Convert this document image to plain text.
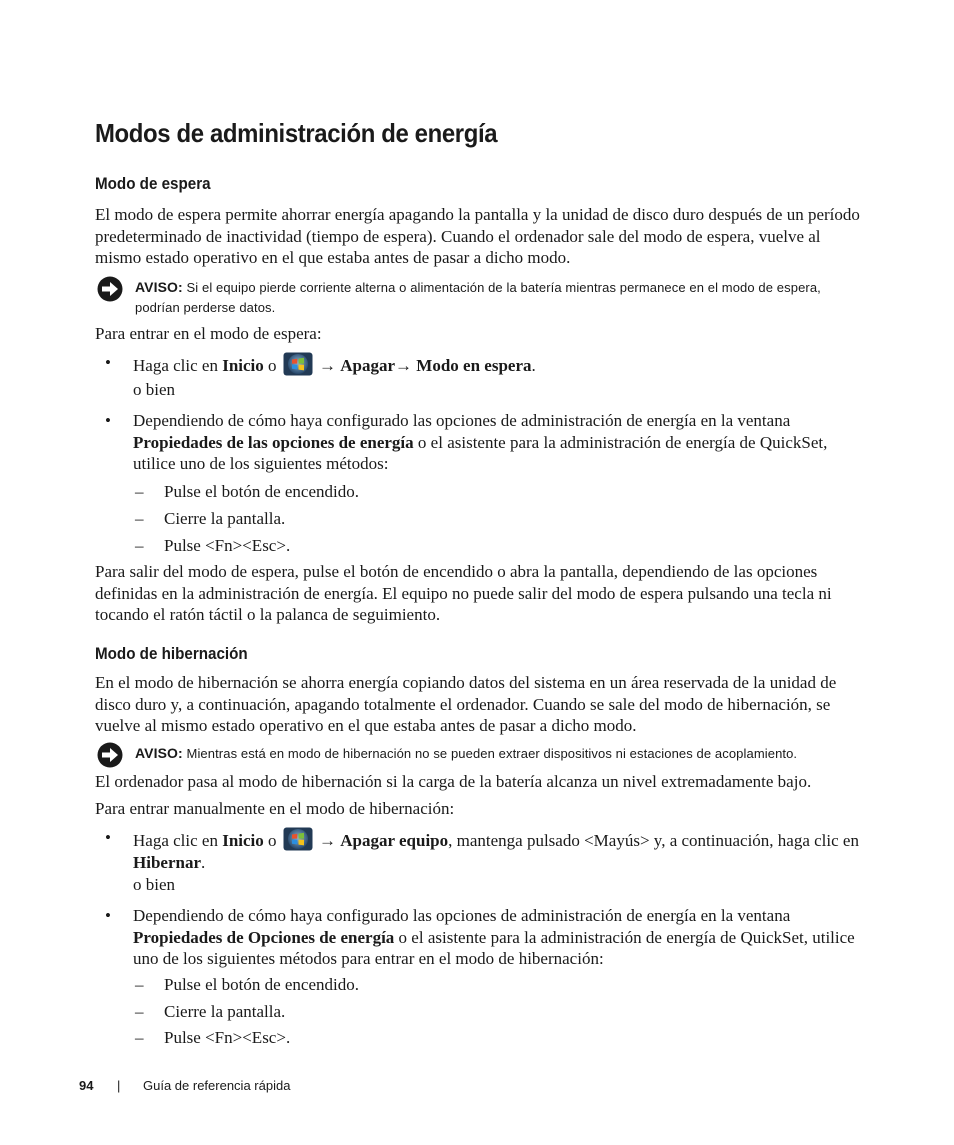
Modos de administración de energía
Modo de espera

El modo de espera permite ahorrar energía apagando la pantalla y la unidad de disco duro después de un período predeterminado de inactividad (tiempo de espera). Cuando el ordenador sale del modo de espera, vuelve al mismo estado operativo en el que estaba antes de pasar a dicho modo.

AVISO: Si el equipo pierde corriente alterna o alimentación de la batería mientras permanece en el modo de espera, podrían perderse datos.

Para entrar en el modo de espera:

• Haga clic en Inicio o  → Apagar→ Modo en espera.

o bien

• Dependiendo de cómo haya configurado las opciones de administración de energía en la ventana Propiedades de las opciones de energía o el asistente para la administración de energía de QuickSet, utilice uno de los siguientes métodos:

– Pulse el botón de encendido.
– Cierre la pantalla.
– Pulse <Fn><Esc>.

Para salir del modo de espera, pulse el botón de encendido o abra la pantalla, dependiendo de las opciones definidas en la administración de energía. El equipo no puede salir del modo de espera pulsando una tecla ni tocando el ratón táctil o la palanca de seguimiento.

Modo de hibernación

En el modo de hibernación se ahorra energía copiando datos del sistema en un área reservada de la unidad de disco duro y, a continuación, apagando totalmente el ordenador. Cuando se sale del modo de hibernación, se vuelve al mismo estado operativo en el que estaba antes de pasar a dicho modo.

AVISO: Mientras está en modo de hibernación no se pueden extraer dispositivos ni estaciones de acoplamiento.

El ordenador pasa al modo de hibernación si la carga de la batería alcanza un nivel extremadamente bajo.

Para entrar manualmente en el modo de hibernación:

• Haga clic en Inicio o  → Apagar equipo, mantenga pulsado <Mayús> y, a continuación, haga clic en Hibernar.

o bien

• Dependiendo de cómo haya configurado las opciones de administración de energía en la ventana Propiedades de Opciones de energía o el asistente para la administración de energía de QuickSet, utilice uno de los siguientes métodos para entrar en el modo de hibernación:

– Pulse el botón de encendido.
– Cierre la pantalla.
– Pulse <Fn><Esc>.
94 | Guía de referencia rápida
